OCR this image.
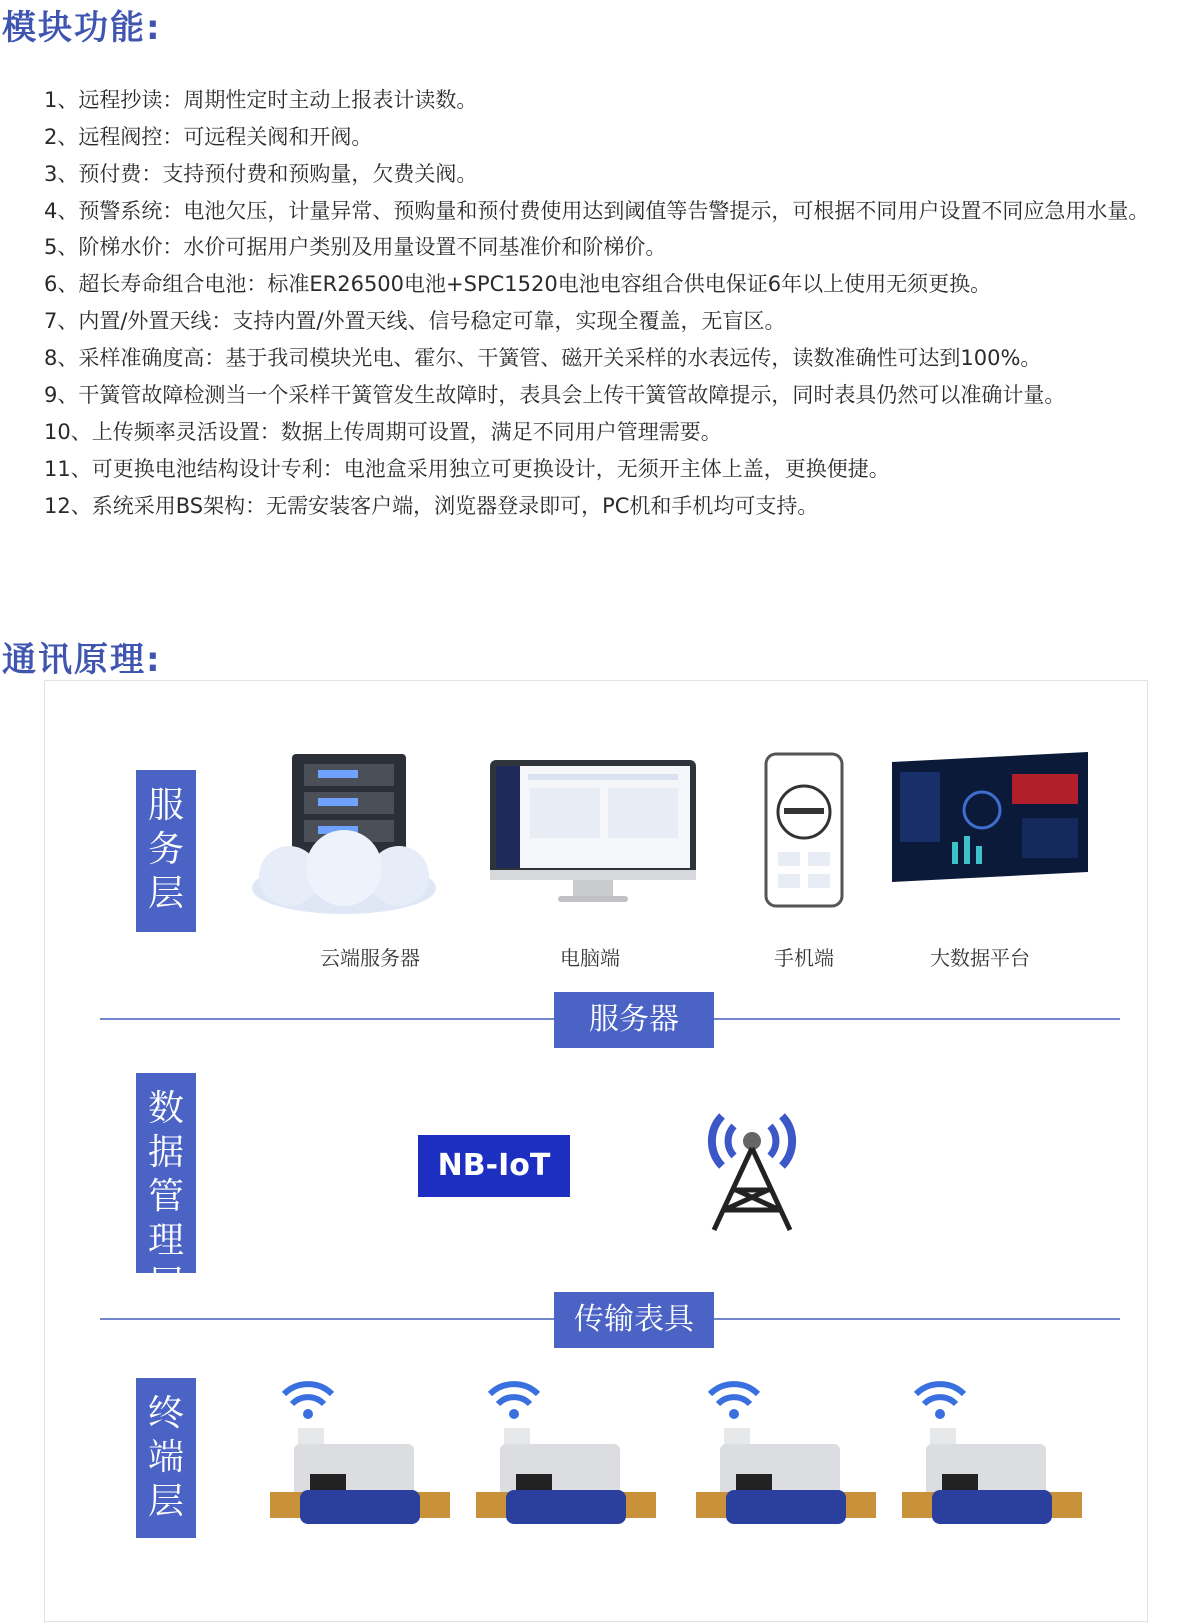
模块功能:
1、远程抄读：周期性定时主动上报表计读数。
2、远程阀控：可远程关阀和开阀。
3、预付费：支持预付费和预购量，欠费关阀。
4、预警系统：电池欠压，计量异常、预购量和预付费使用达到阈值等告警提示，可根据不同用户设置不同应急用水量。
5、阶梯水价：水价可据用户类别及用量设置不同基准价和阶梯价。
6、超长寿命组合电池：标准ER26500电池+SPC1520电池电容组合供电保证6年以上使用无须更换。
7、内置/外置天线：支持内置/外置天线、信号稳定可靠，实现全覆盖，无盲区。
8、采样准确度高：基于我司模块光电、霍尔、干簧管、磁开关采样的水表远传，读数准确性可达到100%。
9、干簧管故障检测当一个采样干簧管发生故障时，表具会上传干簧管故障提示，同时表具仍然可以准确计量。
10、上传频率灵活设置：数据上传周期可设置，满足不同用户管理需要。
11、可更换电池结构设计专利：电池盒采用独立可更换设计，无须开主体上盖，更换便捷。
12、系统采用BS架构：无需安装客户端，浏览器登录即可，PC机和手机均可支持。
通讯原理:
服
务
层
云端服务器	电脑端	手机端	大数据平台
服务器
数
据
管
理
层
NB-IoT
传输表具
终
端
层
